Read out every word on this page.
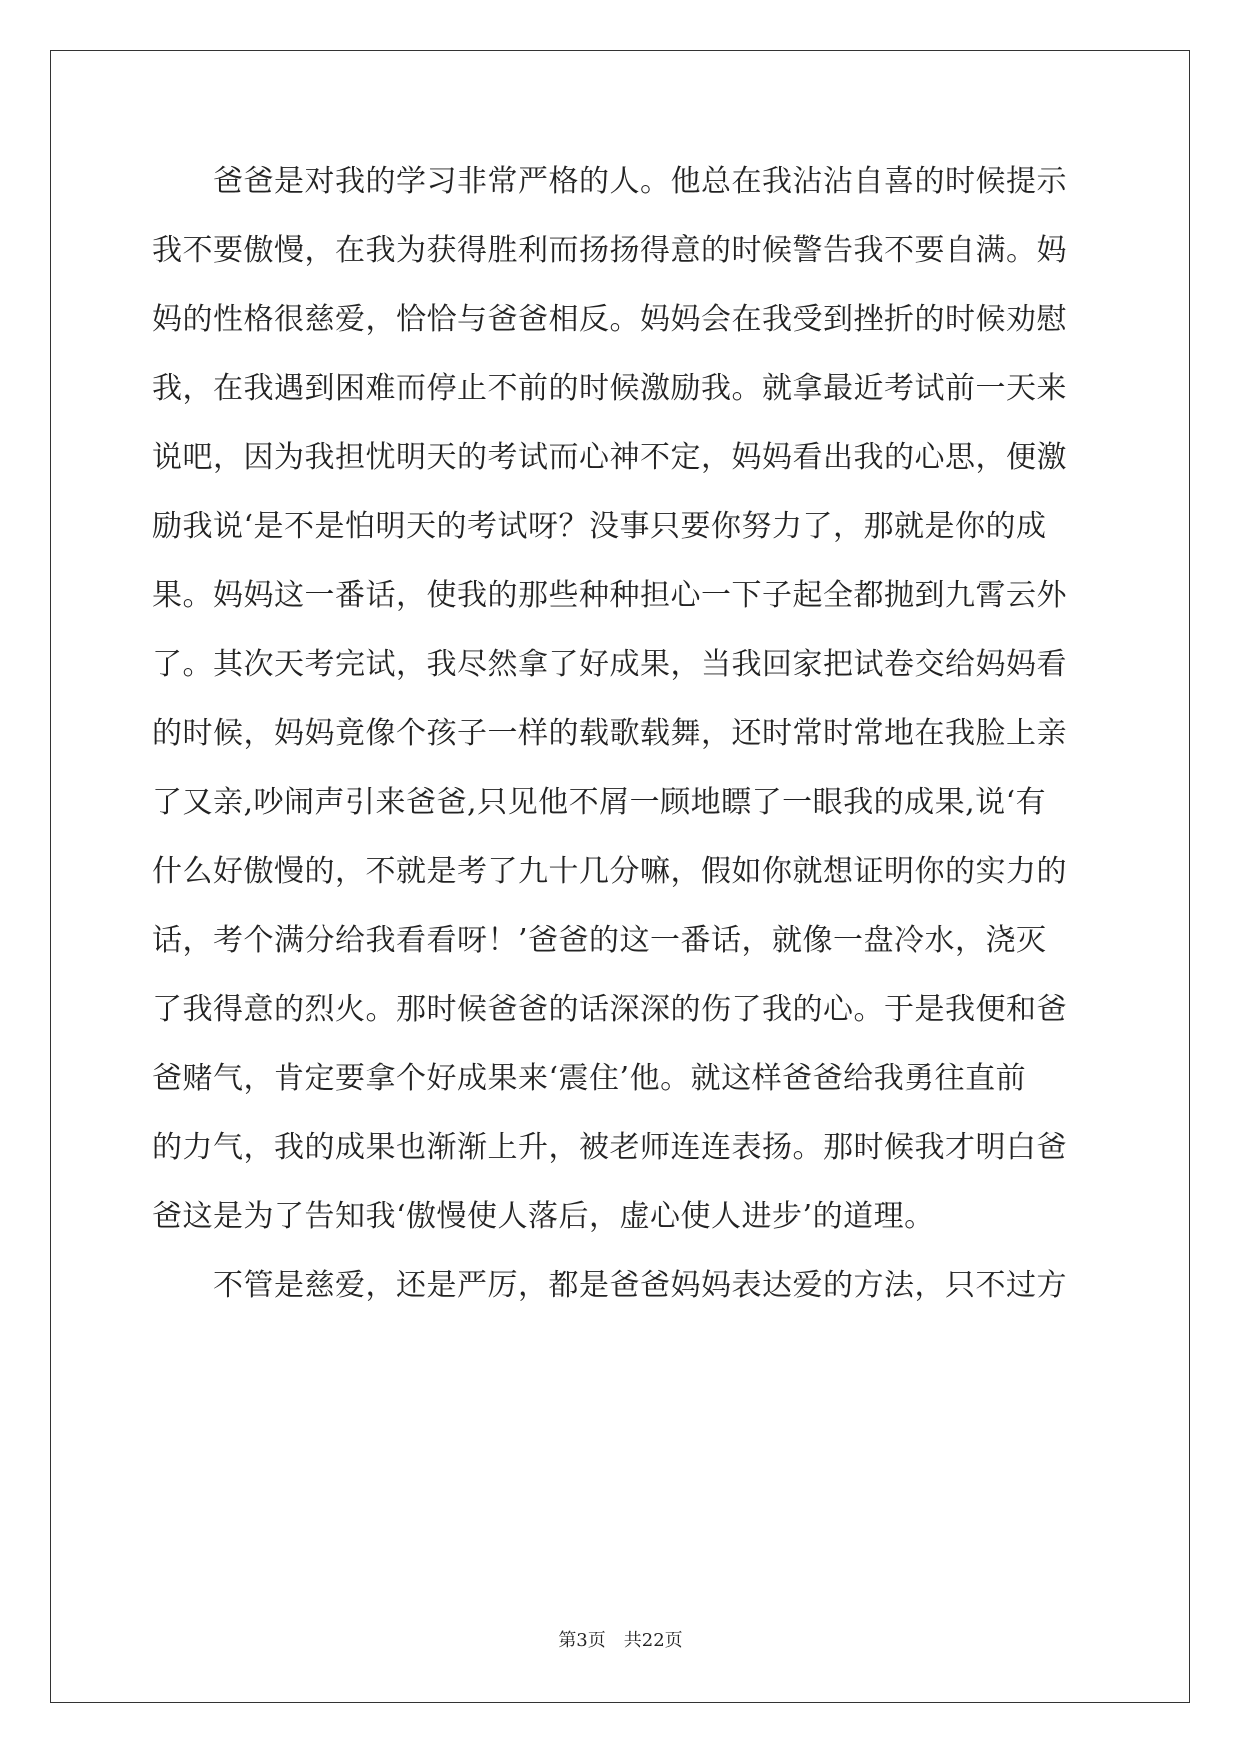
　　爸爸是对我的学习非常严格的人。他总在我沾沾自喜的时候提示
我不要傲慢，在我为获得胜利而扬扬得意的时候警告我不要自满。妈
妈的性格很慈爱，恰恰与爸爸相反。妈妈会在我受到挫折的时候劝慰
我，在我遇到困难而停止不前的时候激励我。就拿最近考试前一天来
说吧，因为我担忧明天的考试而心神不定，妈妈看出我的心思，便激
励我说‘是不是怕明天的考试呀？没事只要你努力了，那就是你的成
果。妈妈这一番话，使我的那些种种担心一下子起全都抛到九霄云外
了。其次天考完试，我尽然拿了好成果，当我回家把试卷交给妈妈看
的时候，妈妈竟像个孩子一样的载歌载舞，还时常时常地在我脸上亲
了又亲,吵闹声引来爸爸,只见他不屑一顾地瞟了一眼我的成果,说‘有
什么好傲慢的，不就是考了九十几分嘛，假如你就想证明你的实力的
话，考个满分给我看看呀！’爸爸的这一番话，就像一盘冷水，浇灭
了我得意的烈火。那时候爸爸的话深深的伤了我的心。于是我便和爸
爸赌气，肯定要拿个好成果来‘震住’他。就这样爸爸给我勇往直前
的力气，我的成果也渐渐上升，被老师连连表扬。那时候我才明白爸
爸这是为了告知我‘傲慢使人落后，虚心使人进步’的道理。
　　不管是慈爱，还是严厉，都是爸爸妈妈表达爱的方法，只不过方
第3页 共22页
